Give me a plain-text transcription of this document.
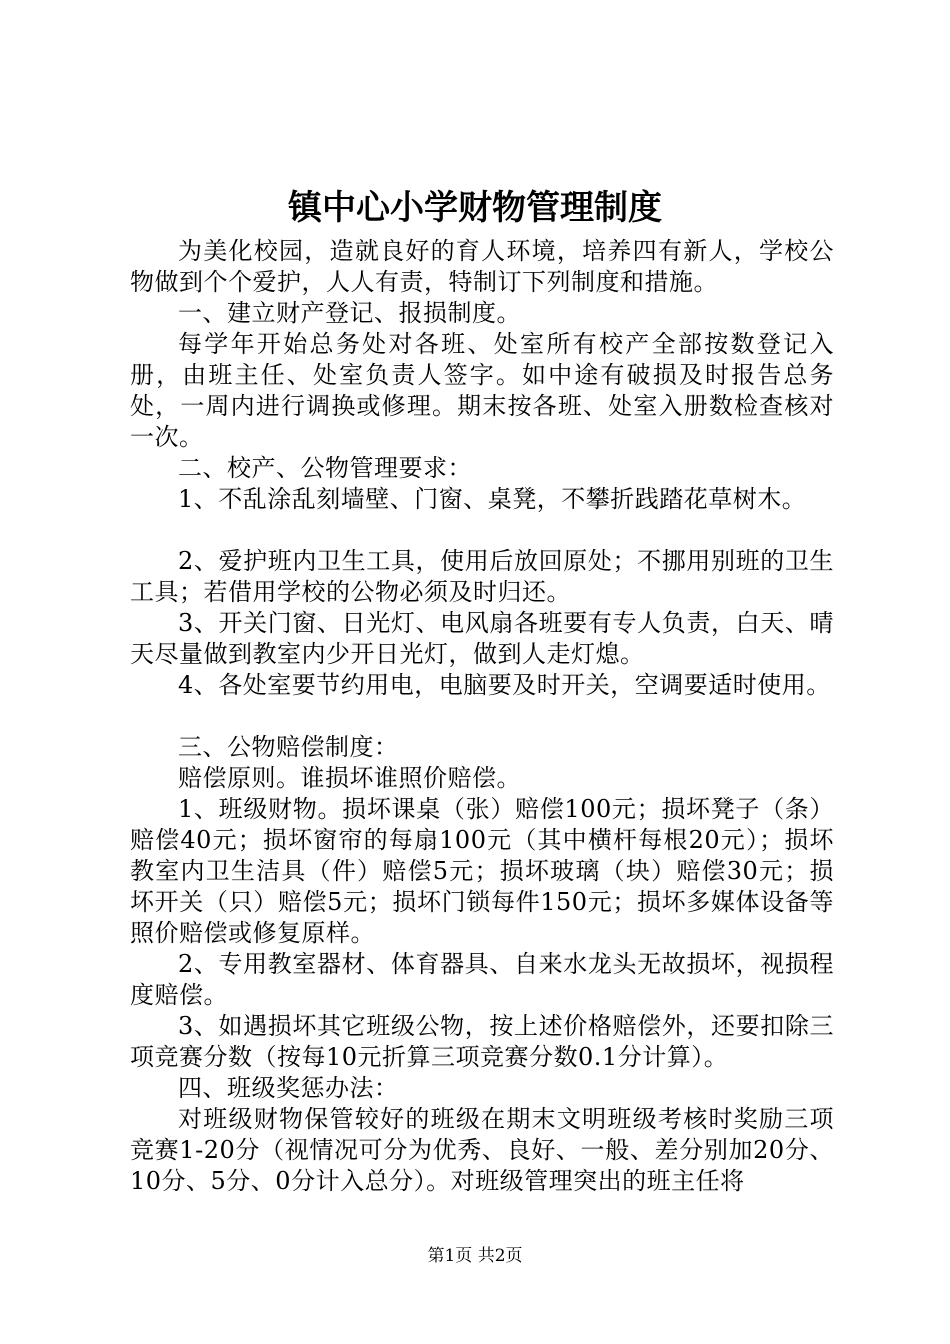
镇中心小学财物管理制度

为美化校园，造就良好的育人环境，培养四有新人，学校公物做到个个爱护，人人有责，特制订下列制度和措施。

一、建立财产登记、报损制度。

每学年开始总务处对各班、处室所有校产全部按数登记入册，由班主任、处室负责人签字。如中途有破损及时报告总务处，一周内进行调换或修理。期末按各班、处室入册数检查核对一次。

二、校产、公物管理要求：

1、不乱涂乱刻墙壁、门窗、桌凳，不攀折践踏花草树木。

2、爱护班内卫生工具，使用后放回原处；不挪用别班的卫生工具；若借用学校的公物必须及时归还。

3、开关门窗、日光灯、电风扇各班要有专人负责，白天、晴天尽量做到教室内少开日光灯，做到人走灯熄。

4、各处室要节约用电，电脑要及时开关，空调要适时使用。

三、公物赔偿制度：

赔偿原则。谁损坏谁照价赔偿。

1、班级财物。损坏课桌（张）赔偿100元；损坏凳子（条）赔偿40元；损坏窗帘的每扇100元（其中横杆每根20元）；损坏教室内卫生洁具（件）赔偿5元；损坏玻璃（块）赔偿30元；损坏开关（只）赔偿5元；损坏门锁每件150元；损坏多媒体设备等照价赔偿或修复原样。

2、专用教室器材、体育器具、自来水龙头无故损坏，视损程度赔偿。

3、如遇损坏其它班级公物，按上述价格赔偿外，还要扣除三项竞赛分数（按每10元折算三项竞赛分数0.1分计算）。

四、班级奖惩办法：

对班级财物保管较好的班级在期末文明班级考核时奖励三项竞赛1-20分（视情况可分为优秀、良好、一般、差分别加20分、10分、5分、0分计入总分）。对班级管理突出的班主任将

第1页 共2页
